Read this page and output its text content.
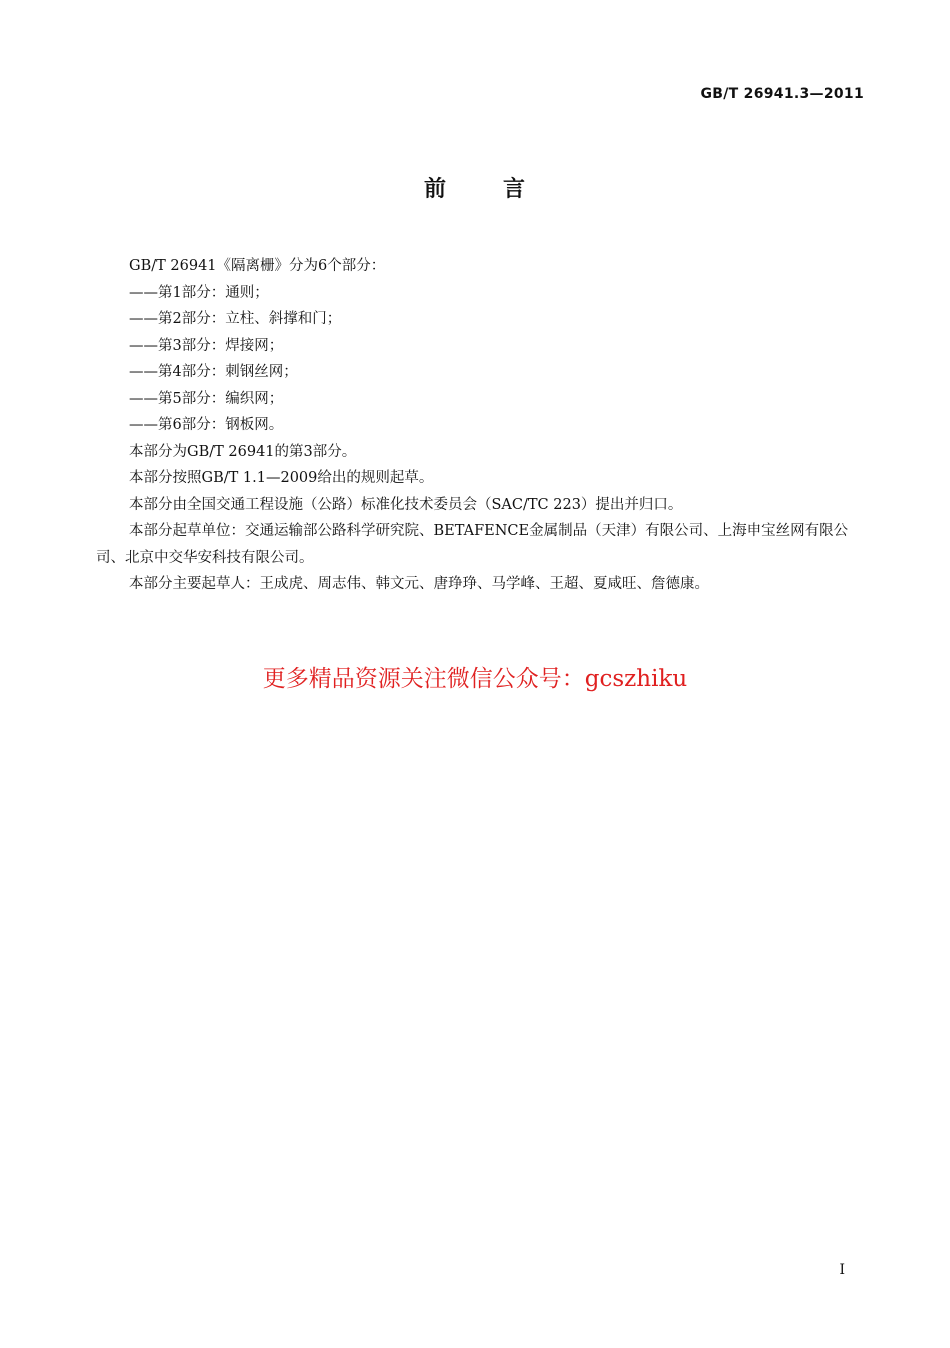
GB/T 26941.3—2011
前	言

GB/T 26941《隔离栅》分为6个部分：

——第1部分：通则；

——第2部分：立柱、斜撑和门；

——第3部分：焊接网；

——第4部分：刺钢丝网；

——第5部分：编织网；

——第6部分：钢板网。

本部分为GB/T 26941的第3部分。

本部分按照GB/T 1.1—2009给出的规则起草。

本部分由全国交通工程设施（公路）标准化技术委员会（SAC/TC 223）提出并归口。

本部分起草单位：交通运输部公路科学研究院、BETAFENCE金属制品（天津）有限公司、上海申宝丝网有限公司、北京中交华安科技有限公司。

本部分主要起草人：王成虎、周志伟、韩文元、唐琤琤、马学峰、王超、夏咸旺、詹德康。

更多精品资源关注微信公众号：gcszhiku
I
